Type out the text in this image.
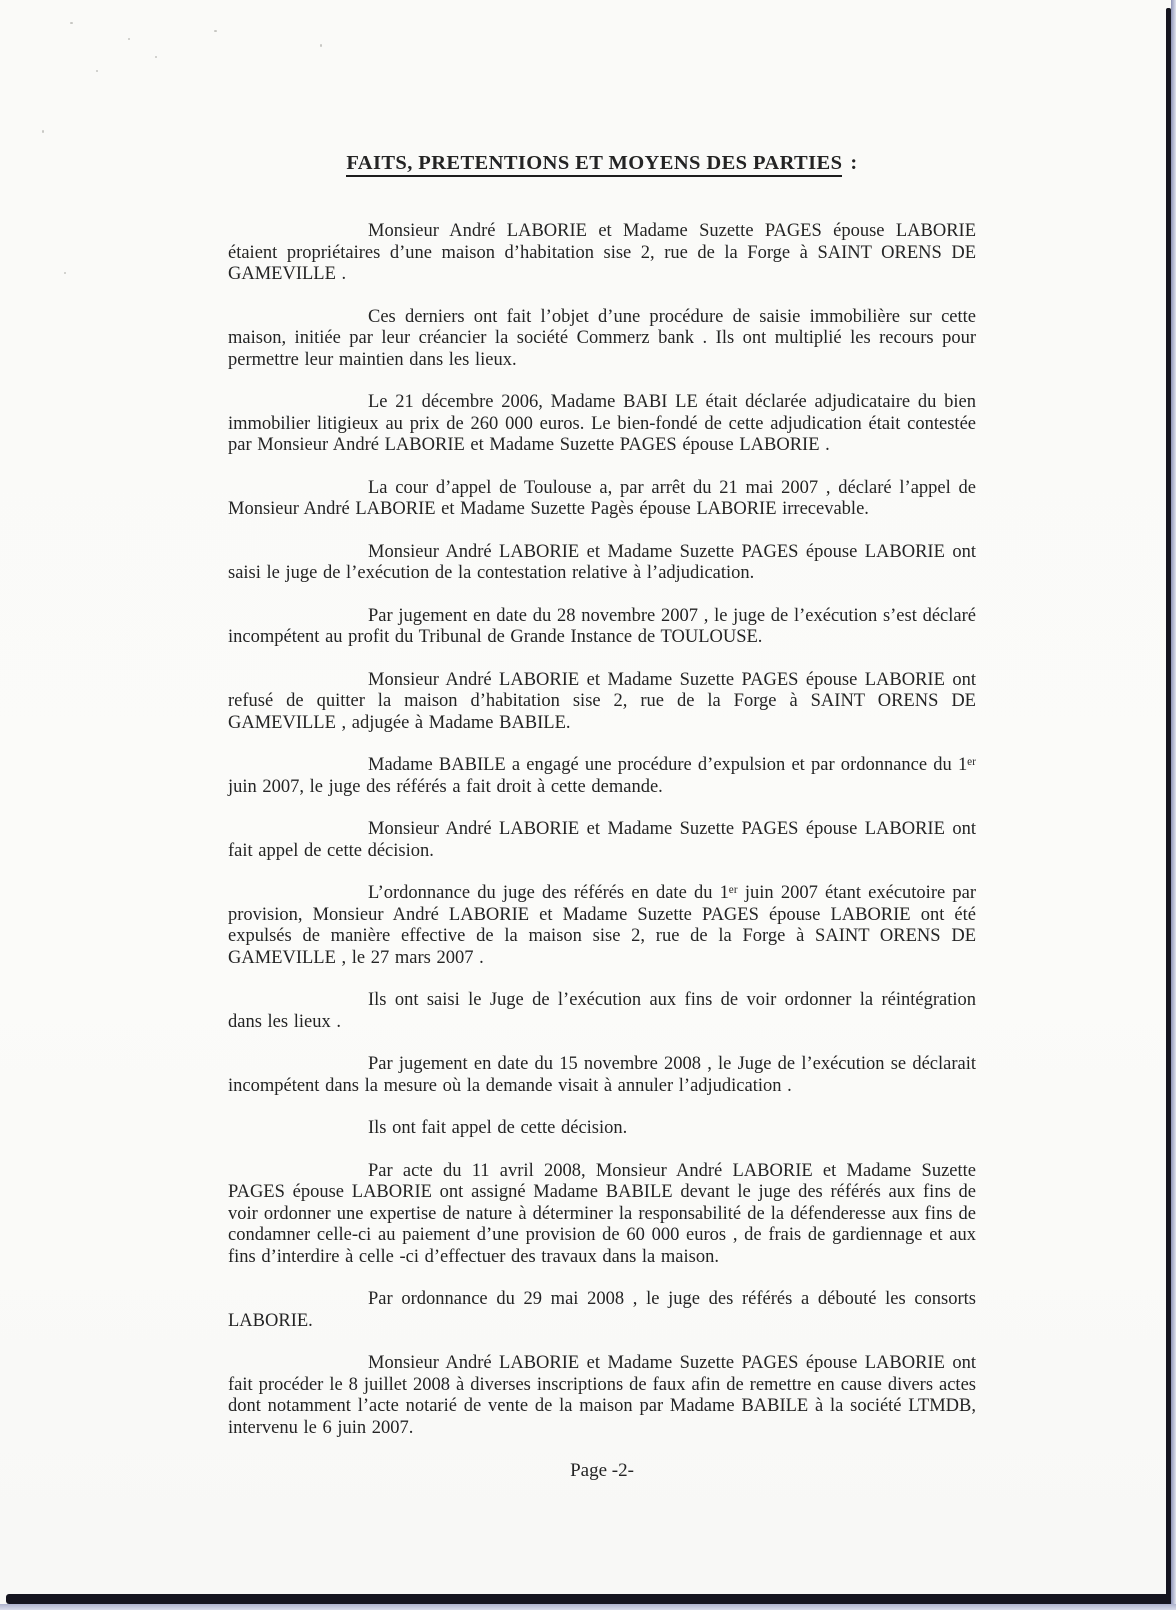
FAITS, PRETENTIONS ET MOYENS DES PARTIES :

Monsieur André LABORIE et Madame Suzette PAGES épouse LABORIE étaient propriétaires d’une maison d’habitation sise 2, rue de la Forge à SAINT ORENS DE GAMEVILLE .

Ces derniers ont fait l’objet d’une procédure de saisie immobilière sur cette maison, initiée par leur créancier la société Commerz bank . Ils ont multiplié les recours pour permettre leur maintien dans les lieux.

Le 21 décembre 2006, Madame BABI LE était déclarée adjudicataire du bien immobilier litigieux au prix de 260 000 euros. Le bien-fondé de cette adjudication était contestée par Monsieur André LABORIE et Madame Suzette PAGES épouse LABORIE .

La cour d’appel de Toulouse a, par arrêt du 21 mai 2007 , déclaré l’appel de Monsieur André LABORIE et Madame Suzette Pagès épouse LABORIE irrecevable.

Monsieur André LABORIE et Madame Suzette PAGES épouse LABORIE ont saisi le juge de l’exécution de la contestation relative à l’adjudication.

Par jugement en date du 28 novembre 2007 , le juge de l’exécution s’est déclaré incompétent au profit du Tribunal de Grande Instance de TOULOUSE.

Monsieur André LABORIE et Madame Suzette PAGES épouse LABORIE ont refusé de quitter la maison d’habitation sise 2, rue de la Forge à SAINT ORENS DE GAMEVILLE , adjugée à Madame BABILE.

Madame BABILE a engagé une procédure d’expulsion et par ordonnance du 1ᵉʳ juin 2007, le juge des référés a fait droit à cette demande.

Monsieur André LABORIE et Madame Suzette PAGES épouse LABORIE ont fait appel de cette décision.

L’ordonnance du juge des référés en date du 1ᵉʳ juin 2007 étant exécutoire par provision, Monsieur André LABORIE et Madame Suzette PAGES épouse LABORIE ont été expulsés de manière effective de la maison sise 2, rue de la Forge à SAINT ORENS DE GAMEVILLE , le 27 mars 2007 .

Ils ont saisi le Juge de l’exécution aux fins de voir ordonner la réintégration dans les lieux .

Par jugement en date du 15 novembre 2008 , le Juge de l’exécution se déclarait incompétent dans la mesure où la demande visait à annuler l’adjudication .

Ils ont fait appel de cette décision.

Par acte du 11 avril 2008, Monsieur André LABORIE et Madame Suzette PAGES épouse LABORIE ont assigné Madame BABILE devant le juge des référés aux fins de voir ordonner une expertise de nature à déterminer la responsabilité de la défenderesse aux fins de condamner celle-ci au paiement d’une provision de 60 000 euros , de frais de gardiennage et aux fins d’interdire à celle -ci d’effectuer des travaux dans la maison.

Par ordonnance du 29 mai 2008 , le juge des référés a débouté les consorts LABORIE.

Monsieur André LABORIE et Madame Suzette PAGES épouse LABORIE ont fait procéder le 8 juillet 2008 à diverses inscriptions de faux afin de remettre en cause divers actes dont notamment l’acte notarié de vente de la maison par Madame BABILE à la société LTMDB, intervenu le 6 juin 2007.

Page -2-
